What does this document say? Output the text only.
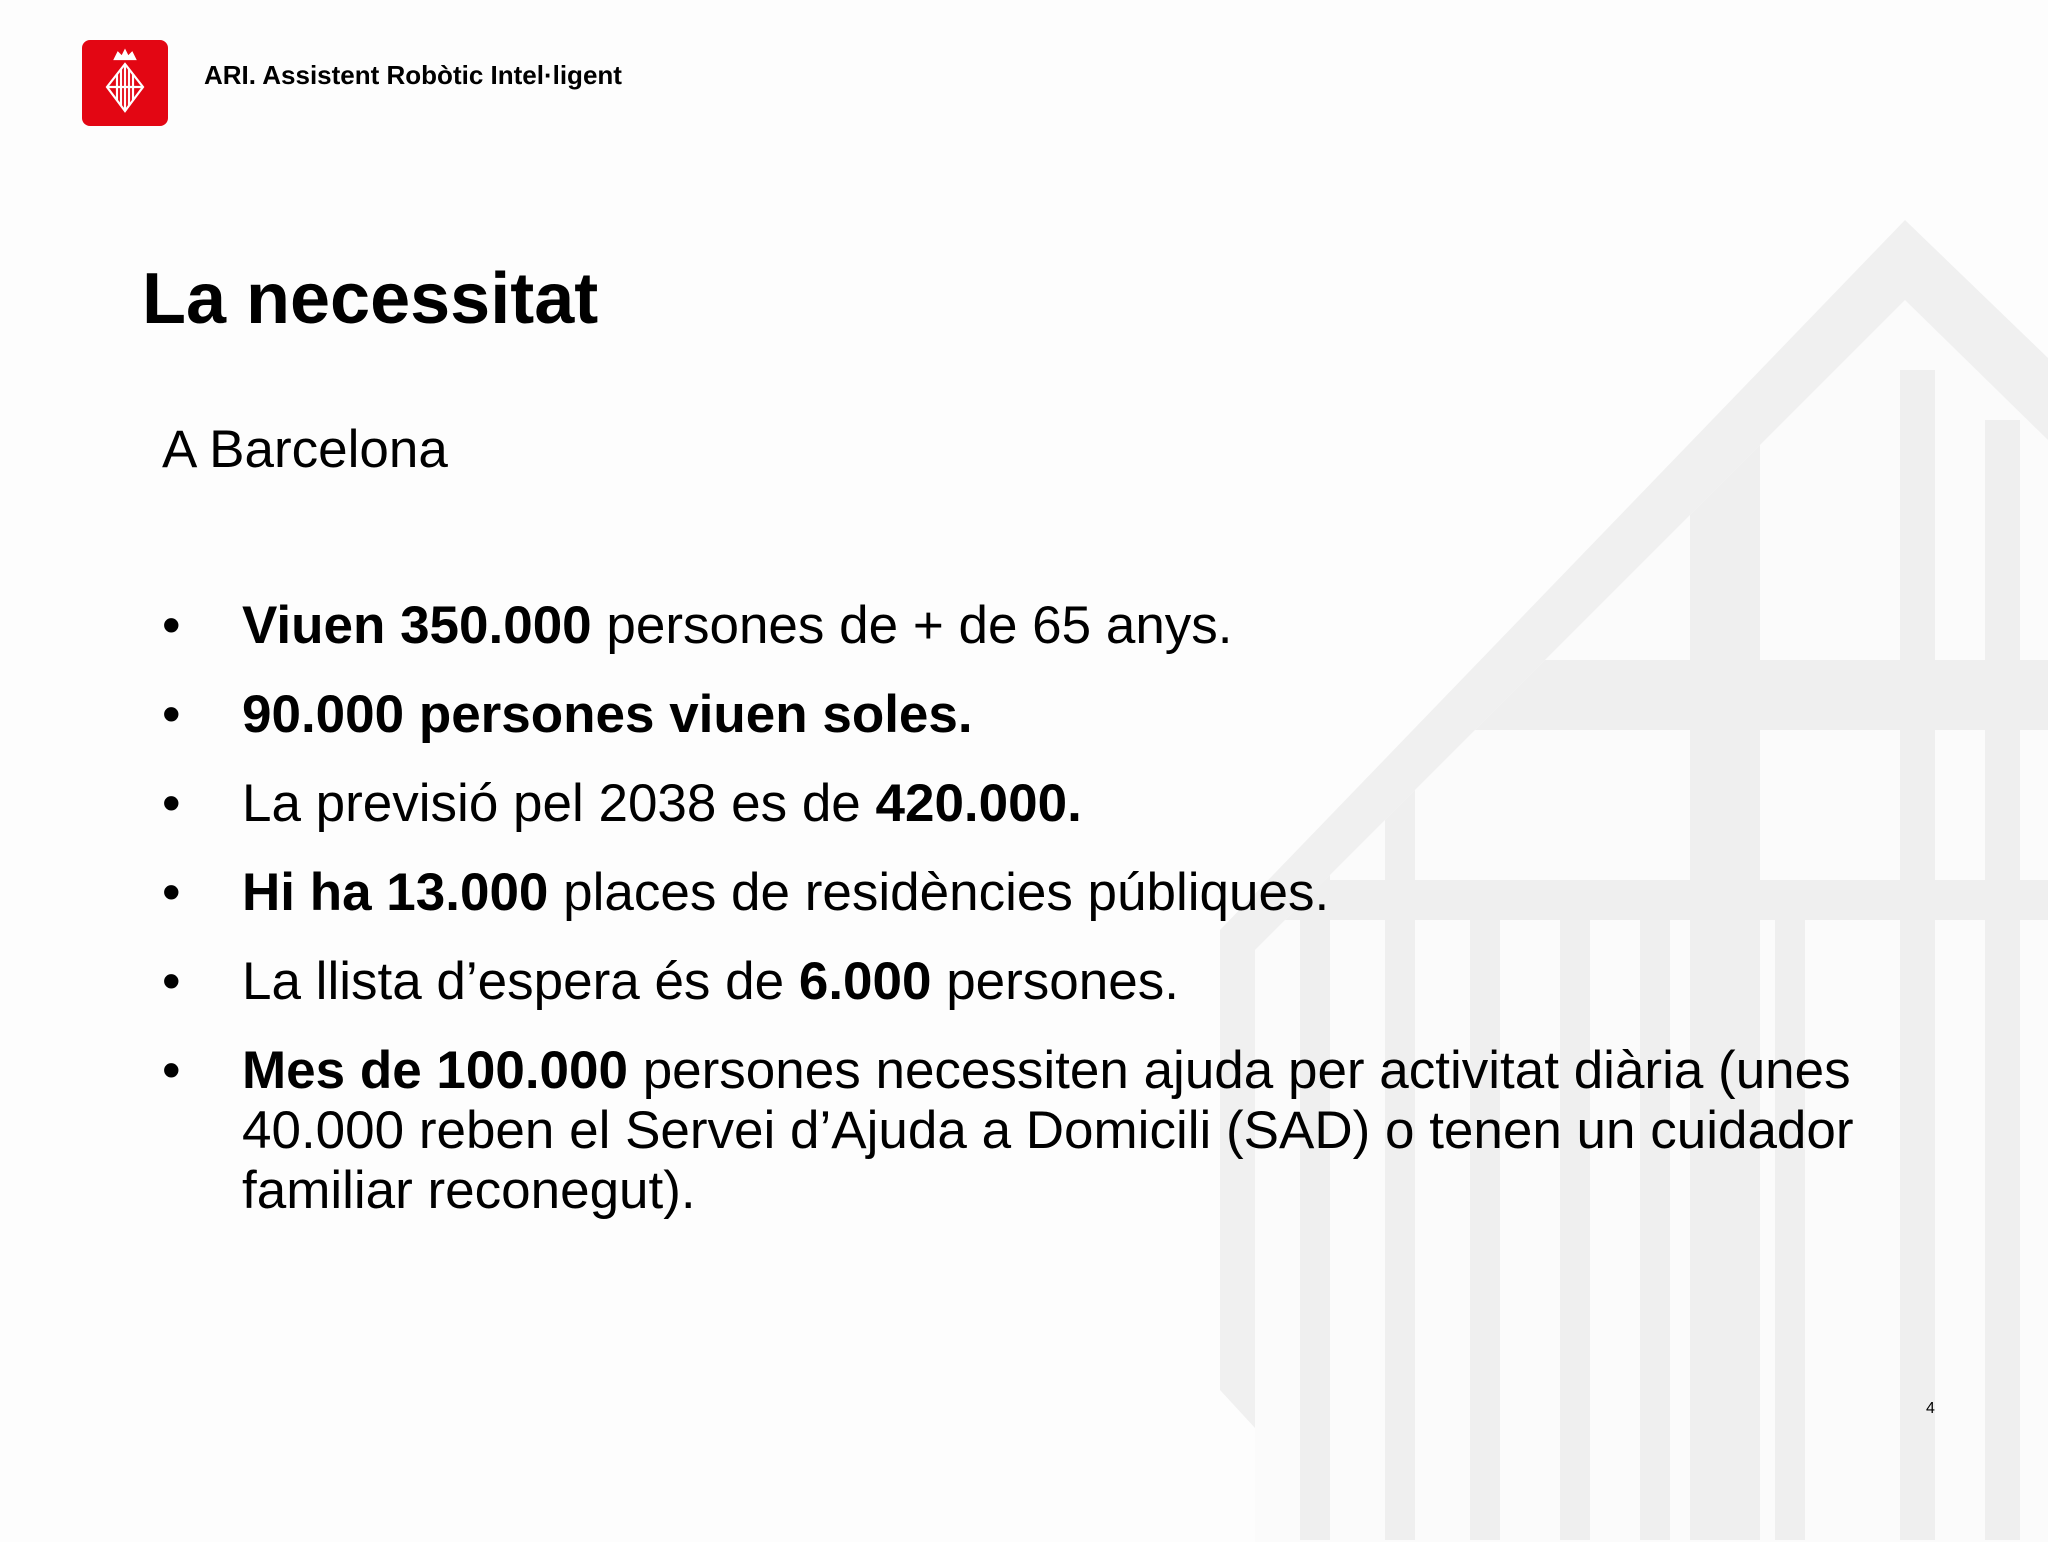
ARI. Assistent Robòtic Intel·ligent
La necessitat
A Barcelona
• Viuen 350.000 persones de + de 65 anys.
• 90.000 persones viuen soles.
• La previsió pel 2038 es de 420.000.
• Hi ha 13.000 places de residències públiques.
• La llista d’espera és de 6.000 persones.
• Mes de 100.000 persones necessiten ajuda per activitat diària (unes 40.000 reben el Servei d’Ajuda a Domicili (SAD) o tenen un cuidador familiar reconegut).
4
